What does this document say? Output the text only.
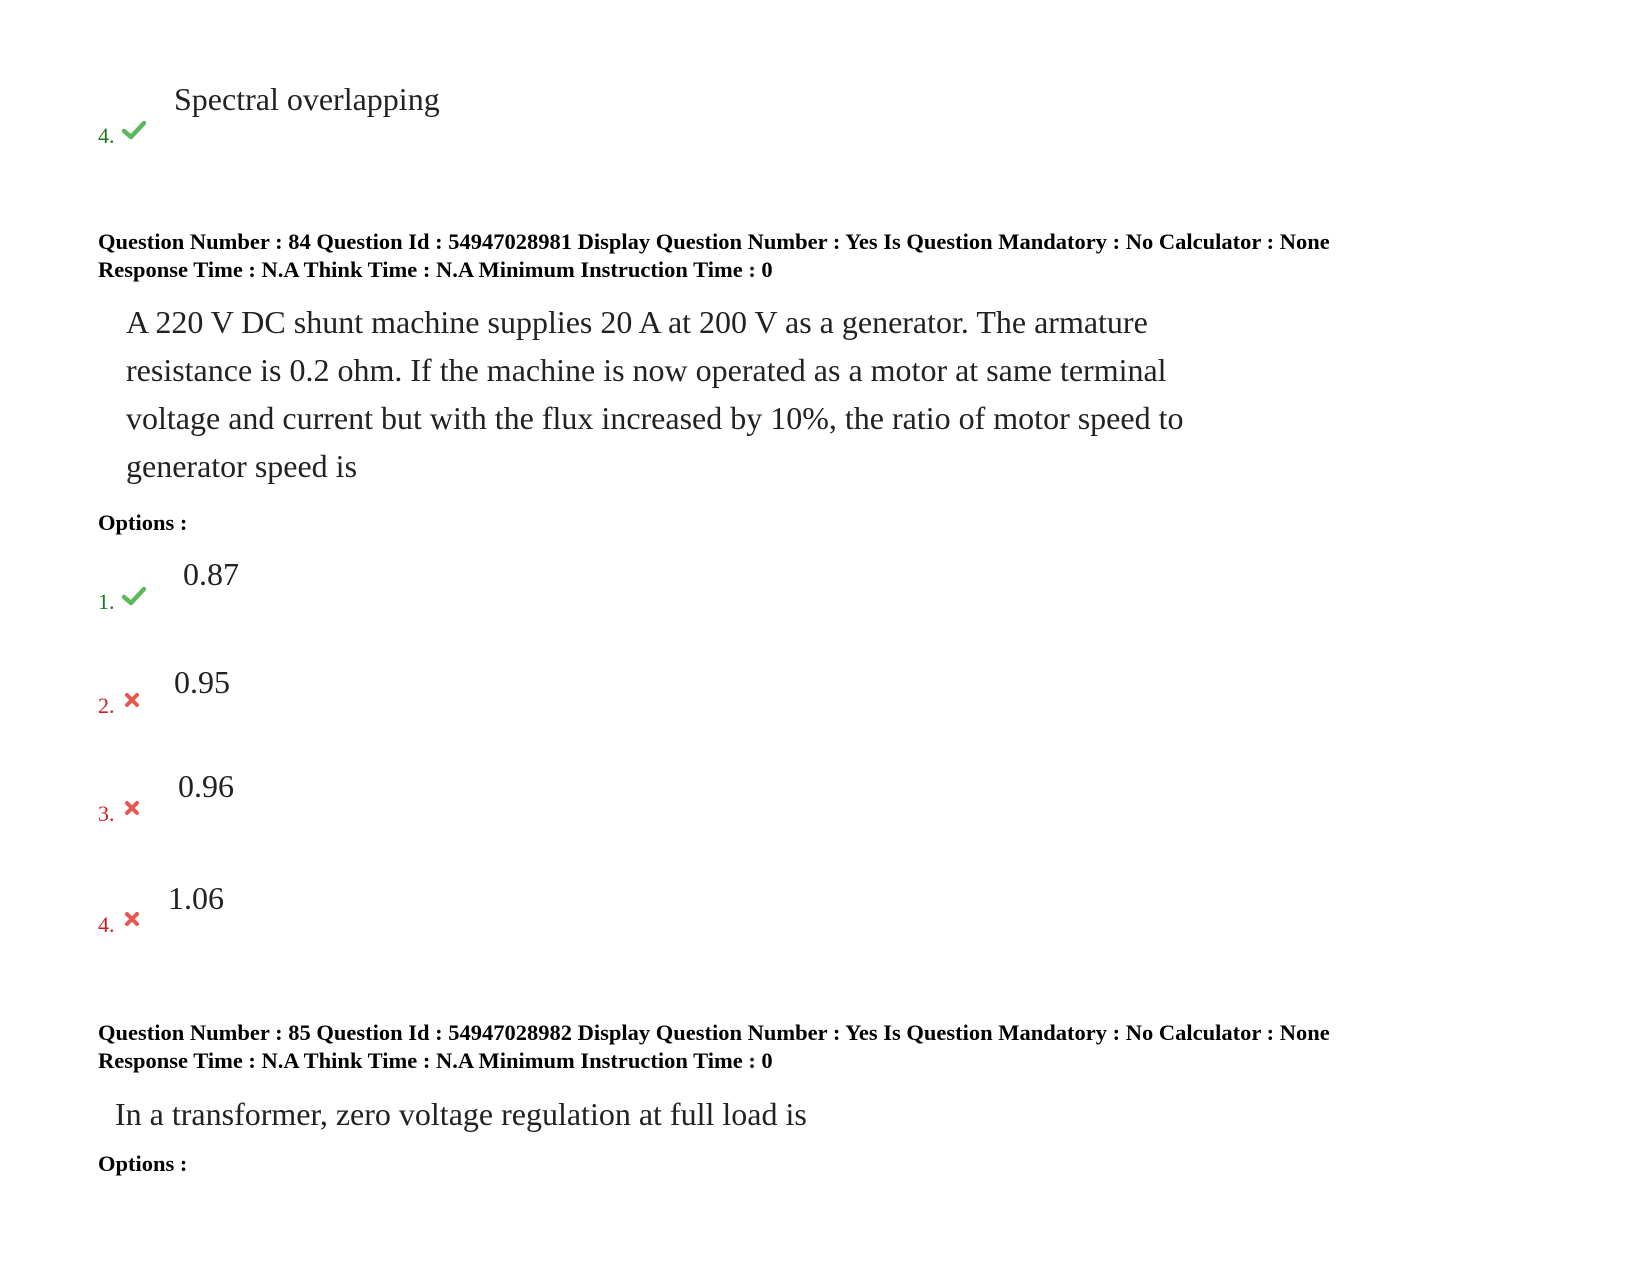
4.
Spectral overlapping
Question Number : 84 Question Id : 54947028981 Display Question Number : Yes Is Question Mandatory : No Calculator : None
Response Time : N.A Think Time : N.A Minimum Instruction Time : 0
A 220 V DC shunt machine supplies 20 A at 200 V as a generator. The armature
resistance is 0.2 ohm. If the machine is now operated as a motor at same terminal
voltage and current but with the flux increased by 10%, the ratio of motor speed to
generator speed is
Options :
1.
0.87
2.
0.95
3.
0.96
4.
1.06
Question Number : 85 Question Id : 54947028982 Display Question Number : Yes Is Question Mandatory : No Calculator : None
Response Time : N.A Think Time : N.A Minimum Instruction Time : 0
In a transformer, zero voltage regulation at full load is
Options :
